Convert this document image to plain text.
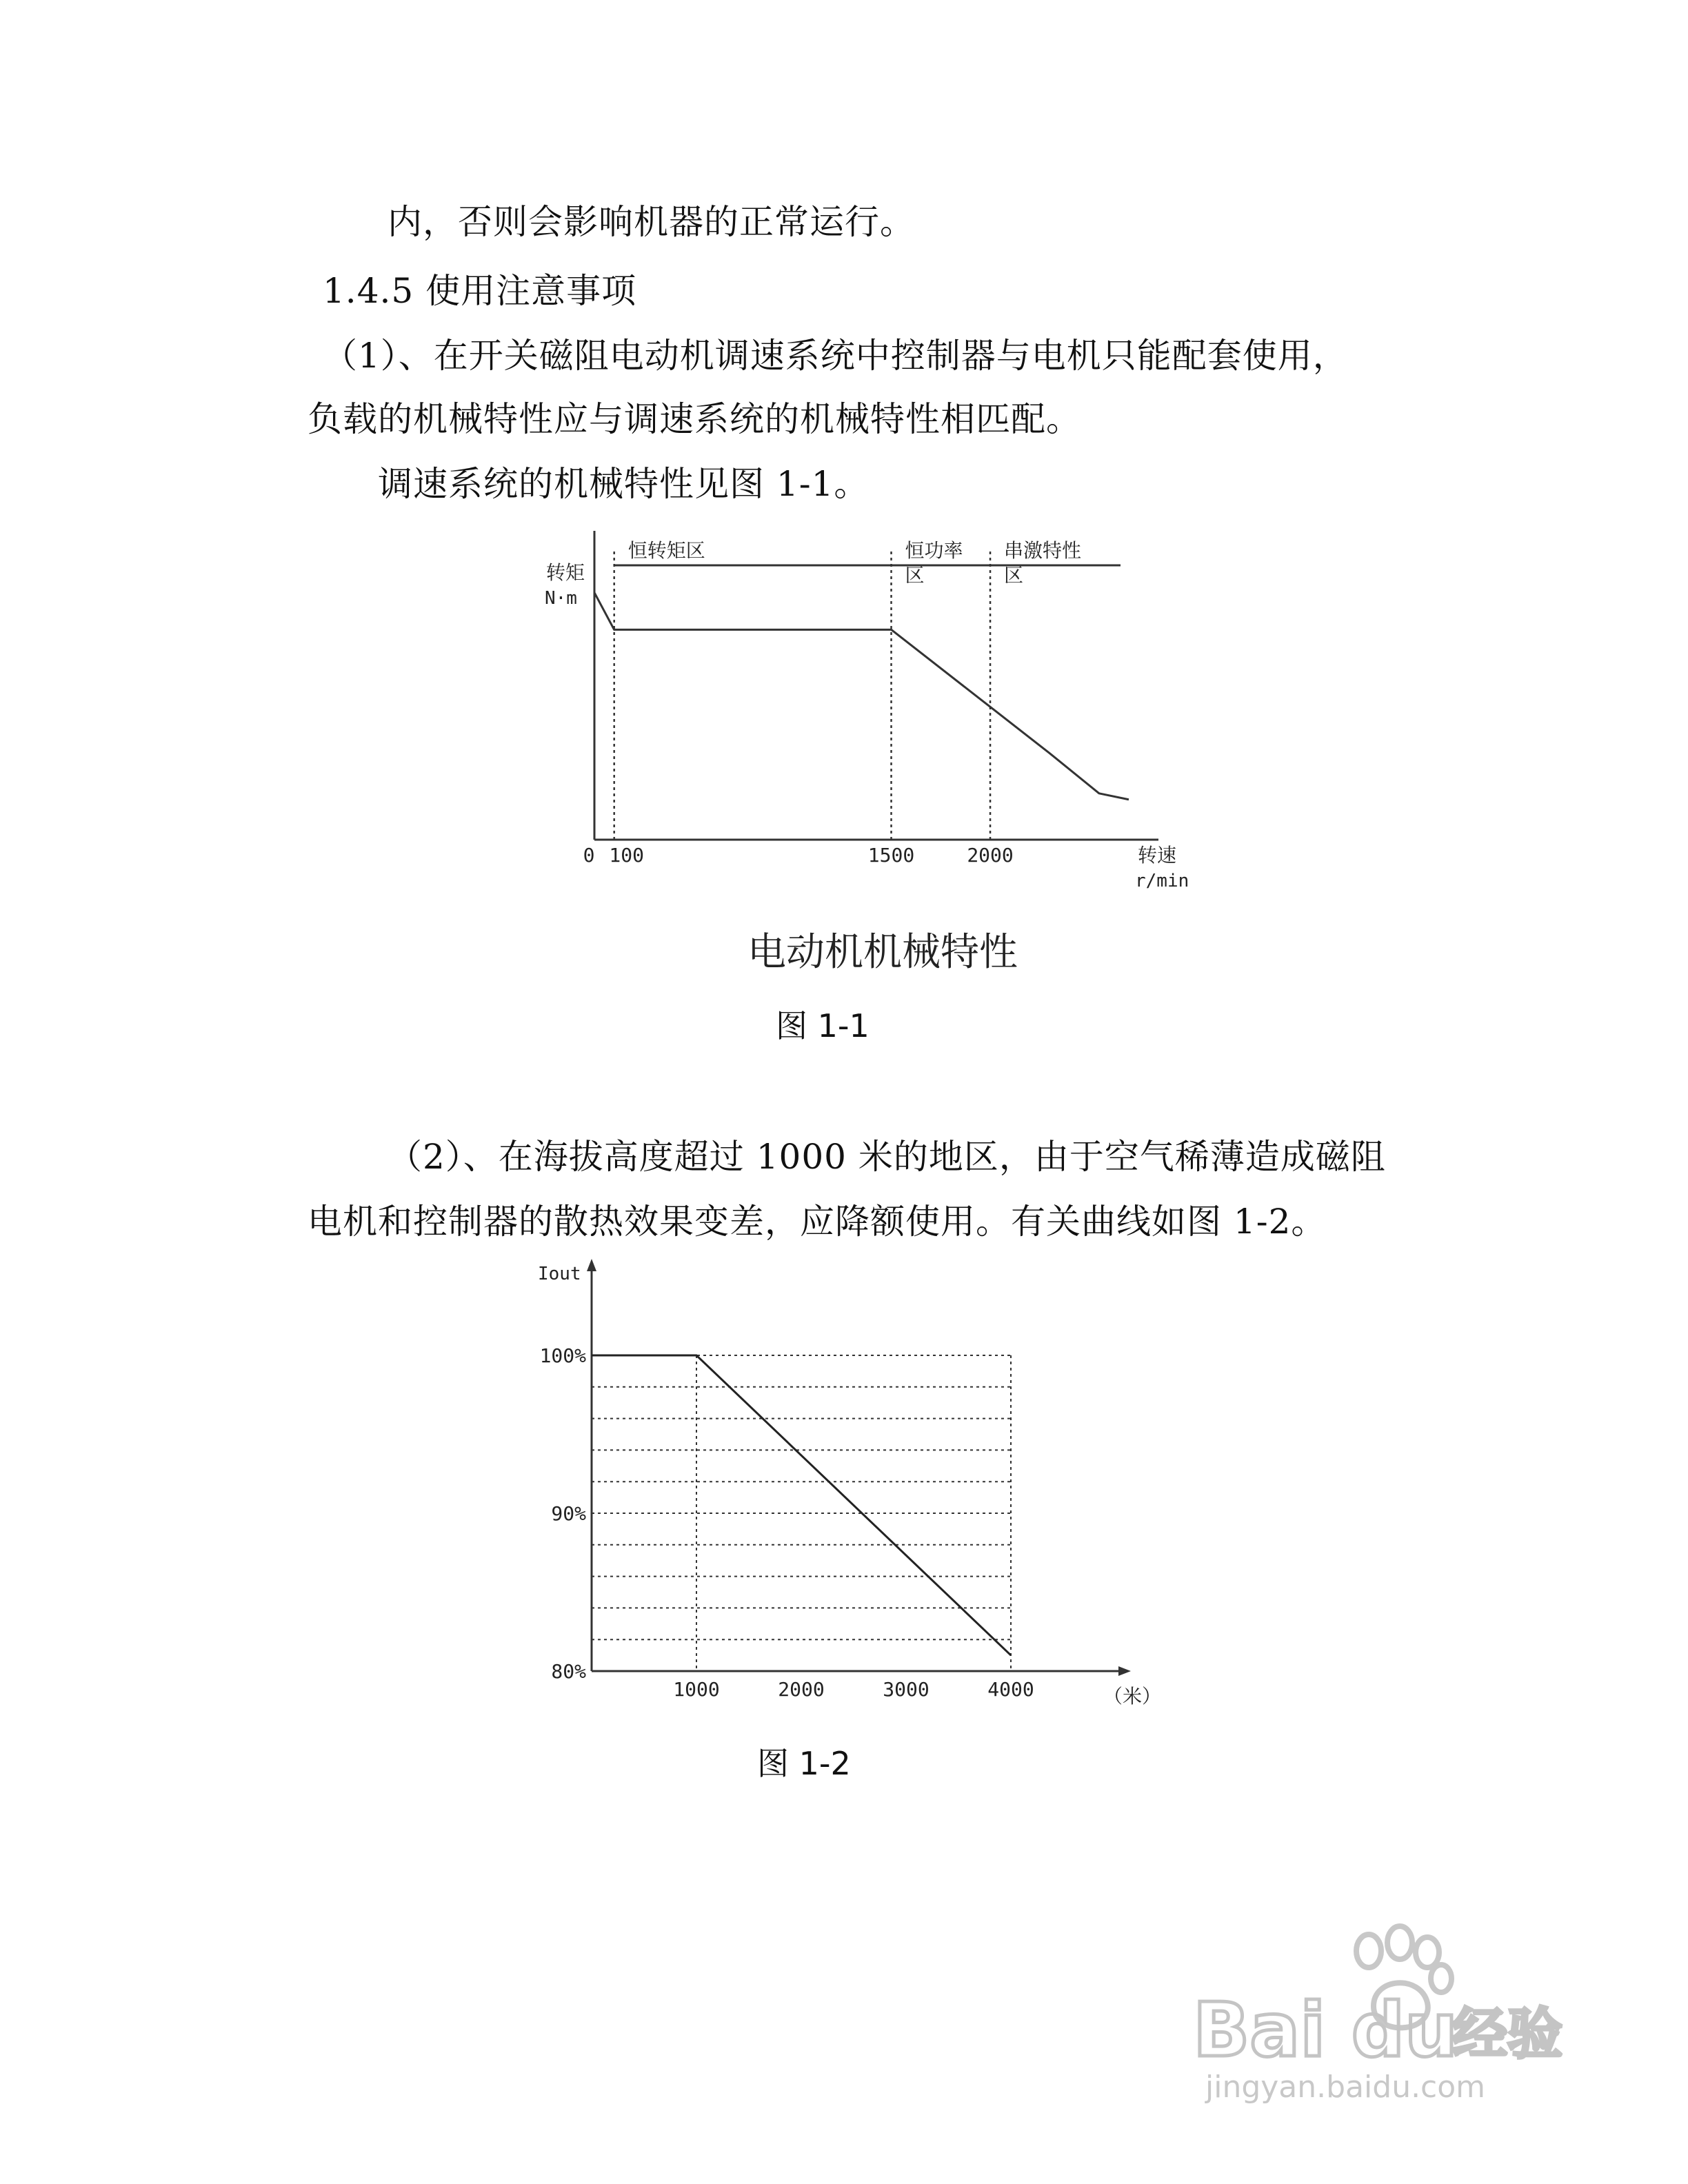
内，否则会影响机器的正常运行。
1.4.5 使用注意事项
（1）、在开关磁阻电动机调速系统中控制器与电机只能配套使用，
负载的机械特性应与调速系统的机械特性相匹配。
调速系统的机械特性见图 1-1。
转矩
N·m
转速
r/min
电动机机械特性
恒转矩区	恒功率
区
串激特性
区
0 100	1500	2000
图 1-1
（2）、在海拔高度超过 1000 米的地区，由于空气稀薄造成磁阻
电机和控制器的散热效果变差，应降额使用。有关曲线如图 1-2。
Iout
（米）
80%
90%
100%
1000	2000	3000	4000
图 1-2
Bai du
经验
jingyan.baidu.com
